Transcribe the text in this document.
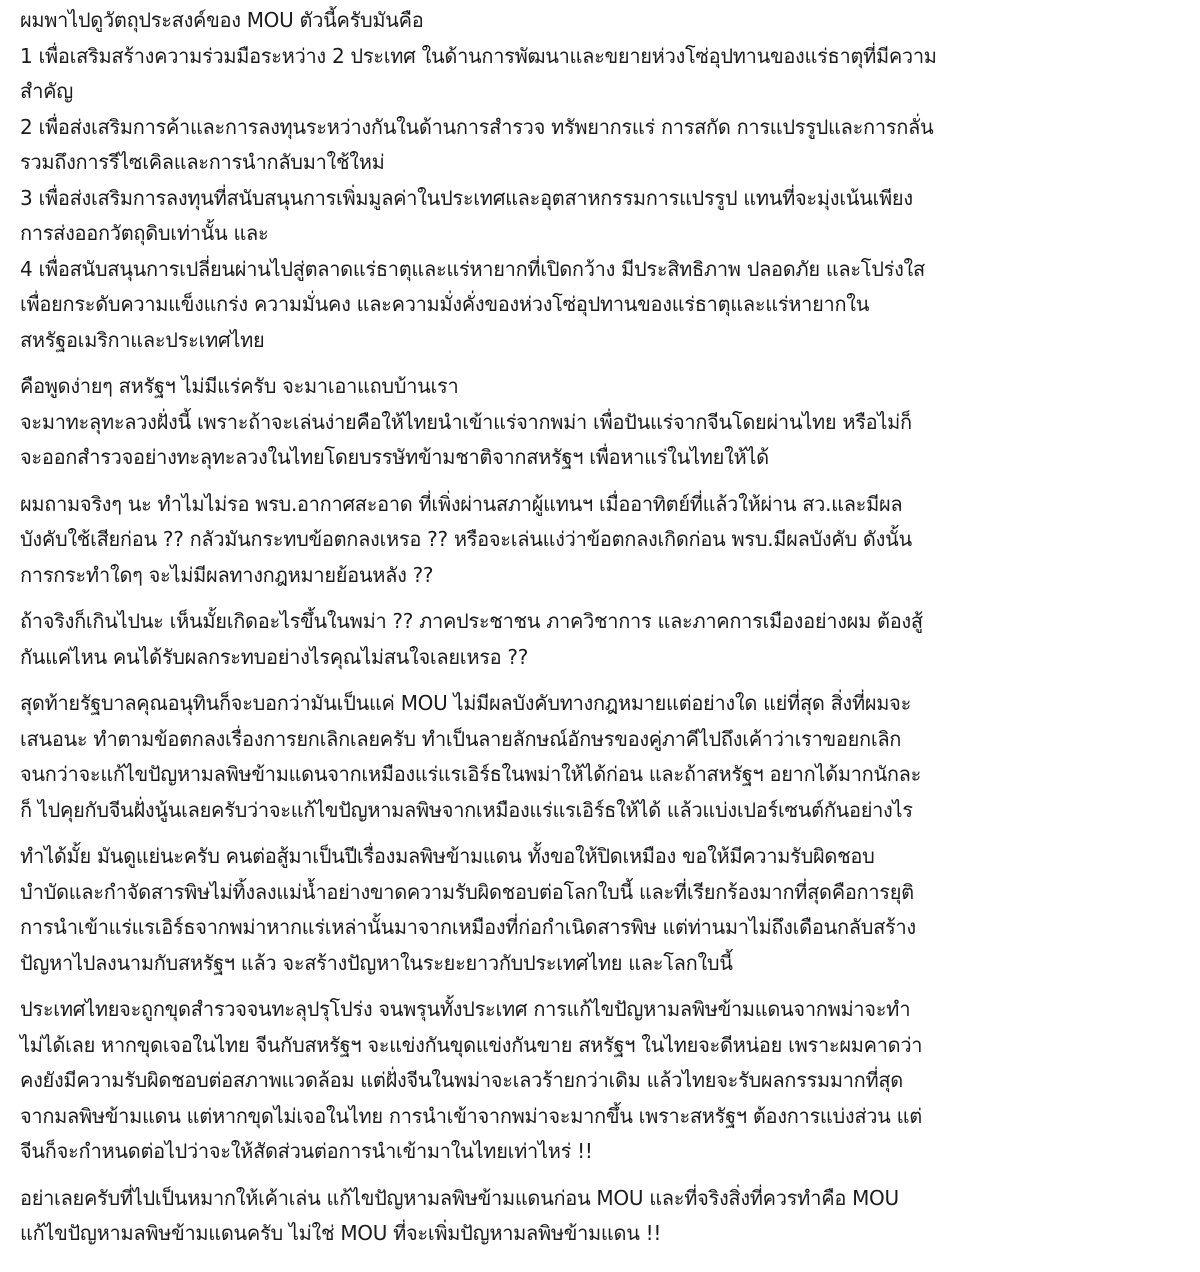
ผมพาไปดูวัตถุประสงค์ของ MOU ตัวนี้ครับมันคือ
1 เพื่อเสริมสร้างความร่วมมือระหว่าง 2 ประเทศ ในด้านการพัฒนาและขยายห่วงโซ่อุปทานของแร่ธาตุที่มีความ
สำคัญ
2 เพื่อส่งเสริมการค้าและการลงทุนระหว่างกันในด้านการสำรวจ ทรัพยากรแร่ การสกัด การแปรรูปและการกลั่น
รวมถึงการรีไซเคิลและการนำกลับมาใช้ใหม่
3 เพื่อส่งเสริมการลงทุนที่สนับสนุนการเพิ่มมูลค่าในประเทศและอุตสาหกรรมการแปรรูป แทนที่จะมุ่งเน้นเพียง
การส่งออกวัตถุดิบเท่านั้น และ
4 เพื่อสนับสนุนการเปลี่ยนผ่านไปสู่ตลาดแร่ธาตุและแร่หายากที่เปิดกว้าง มีประสิทธิภาพ ปลอดภัย และโปร่งใส
เพื่อยกระดับความแข็งแกร่ง ความมั่นคง และความมั่งคั่งของห่วงโซ่อุปทานของแร่ธาตุและแร่หายากใน
สหรัฐอเมริกาและประเทศไทย
คือพูดง่ายๆ สหรัฐฯ ไม่มีแร่ครับ จะมาเอาแถบบ้านเรา
จะมาทะลุทะลวงฝั่งนี้ เพราะถ้าจะเล่นง่ายคือให้ไทยนำเข้าแร่จากพม่า เพื่อปันแร่จากจีนโดยผ่านไทย หรือไม่ก็
จะออกสำรวจอย่างทะลุทะลวงในไทยโดยบรรษัทข้ามชาติจากสหรัฐฯ เพื่อหาแร่ในไทยให้ได้
ผมถามจริงๆ นะ ทำไมไม่รอ พรบ.อากาศสะอาด ที่เพิ่งผ่านสภาผู้แทนฯ เมื่ออาทิตย์ที่แล้วให้ผ่าน สว.และมีผล
บังคับใช้เสียก่อน ?? กลัวมันกระทบข้อตกลงเหรอ ?? หรือจะเล่นแง่ว่าข้อตกลงเกิดก่อน พรบ.มีผลบังคับ ดังนั้น
การกระทำใดๆ จะไม่มีผลทางกฎหมายย้อนหลัง ??
ถ้าจริงก็เกินไปนะ เห็นมั้ยเกิดอะไรขึ้นในพม่า ?? ภาคประชาชน ภาควิชาการ และภาคการเมืองอย่างผม ต้องสู้
กันแค่ไหน คนได้รับผลกระทบอย่างไรคุณไม่สนใจเลยเหรอ ??
สุดท้ายรัฐบาลคุณอนุทินก็จะบอกว่ามันเป็นแค่ MOU ไม่มีผลบังคับทางกฎหมายแต่อย่างใด แย่ที่สุด สิ่งที่ผมจะ
เสนอนะ ทำตามข้อตกลงเรื่องการยกเลิกเลยครับ ทำเป็นลายลักษณ์อักษรของคู่ภาคีไปถึงเค้าว่าเราขอยกเลิก
จนกว่าจะแก้ไขปัญหามลพิษข้ามแดนจากเหมืองแร่แรเอิร์ธในพม่าให้ได้ก่อน และถ้าสหรัฐฯ อยากได้มากนักละ
ก็ ไปคุยกับจีนฝั่งนู้นเลยครับว่าจะแก้ไขปัญหามลพิษจากเหมืองแร่แรเอิร์ธให้ได้ แล้วแบ่งเปอร์เซนต์กันอย่างไร
ทำได้มั้ย มันดูแย่นะครับ คนต่อสู้มาเป็นปีเรื่องมลพิษข้ามแดน ทั้งขอให้ปิดเหมือง ขอให้มีความรับผิดชอบ
บำบัดและกำจัดสารพิษไม่ทิ้งลงแม่น้ำอย่างขาดความรับผิดชอบต่อโลกใบนี้ และที่เรียกร้องมากที่สุดคือการยุติ
การนำเข้าแร่แรเอิร์ธจากพม่าหากแร่เหล่านั้นมาจากเหมืองที่ก่อกำเนิดสารพิษ แต่ท่านมาไม่ถึงเดือนกลับสร้าง
ปัญหาไปลงนามกับสหรัฐฯ แล้ว จะสร้างปัญหาในระยะยาวกับประเทศไทย และโลกใบนี้
ประเทศไทยจะถูกขุดสำรวจจนทะลุปรุโปร่ง จนพรุนทั้งประเทศ การแก้ไขปัญหามลพิษข้ามแดนจากพม่าจะทำ
ไม่ได้เลย หากขุดเจอในไทย จีนกับสหรัฐฯ จะแข่งกันขุดแข่งกันขาย สหรัฐฯ ในไทยจะดีหน่อย เพราะผมคาดว่า
คงยังมีความรับผิดชอบต่อสภาพแวดล้อม แต่ฝั่งจีนในพม่าจะเลวร้ายกว่าเดิม แล้วไทยจะรับผลกรรมมากที่สุด
จากมลพิษข้ามแดน แต่หากขุดไม่เจอในไทย การนำเข้าจากพม่าจะมากขึ้น เพราะสหรัฐฯ ต้องการแบ่งส่วน แต่
จีนก็จะกำหนดต่อไปว่าจะให้สัดส่วนต่อการนำเข้ามาในไทยเท่าไหร่ !!
อย่าเลยครับที่ไปเป็นหมากให้เค้าเล่น แก้ไขปัญหามลพิษข้ามแดนก่อน MOU และที่จริงสิ่งที่ควรทำคือ MOU
แก้ไขปัญหามลพิษข้ามแดนครับ ไม่ใช่ MOU ที่จะเพิ่มปัญหามลพิษข้ามแดน !!
